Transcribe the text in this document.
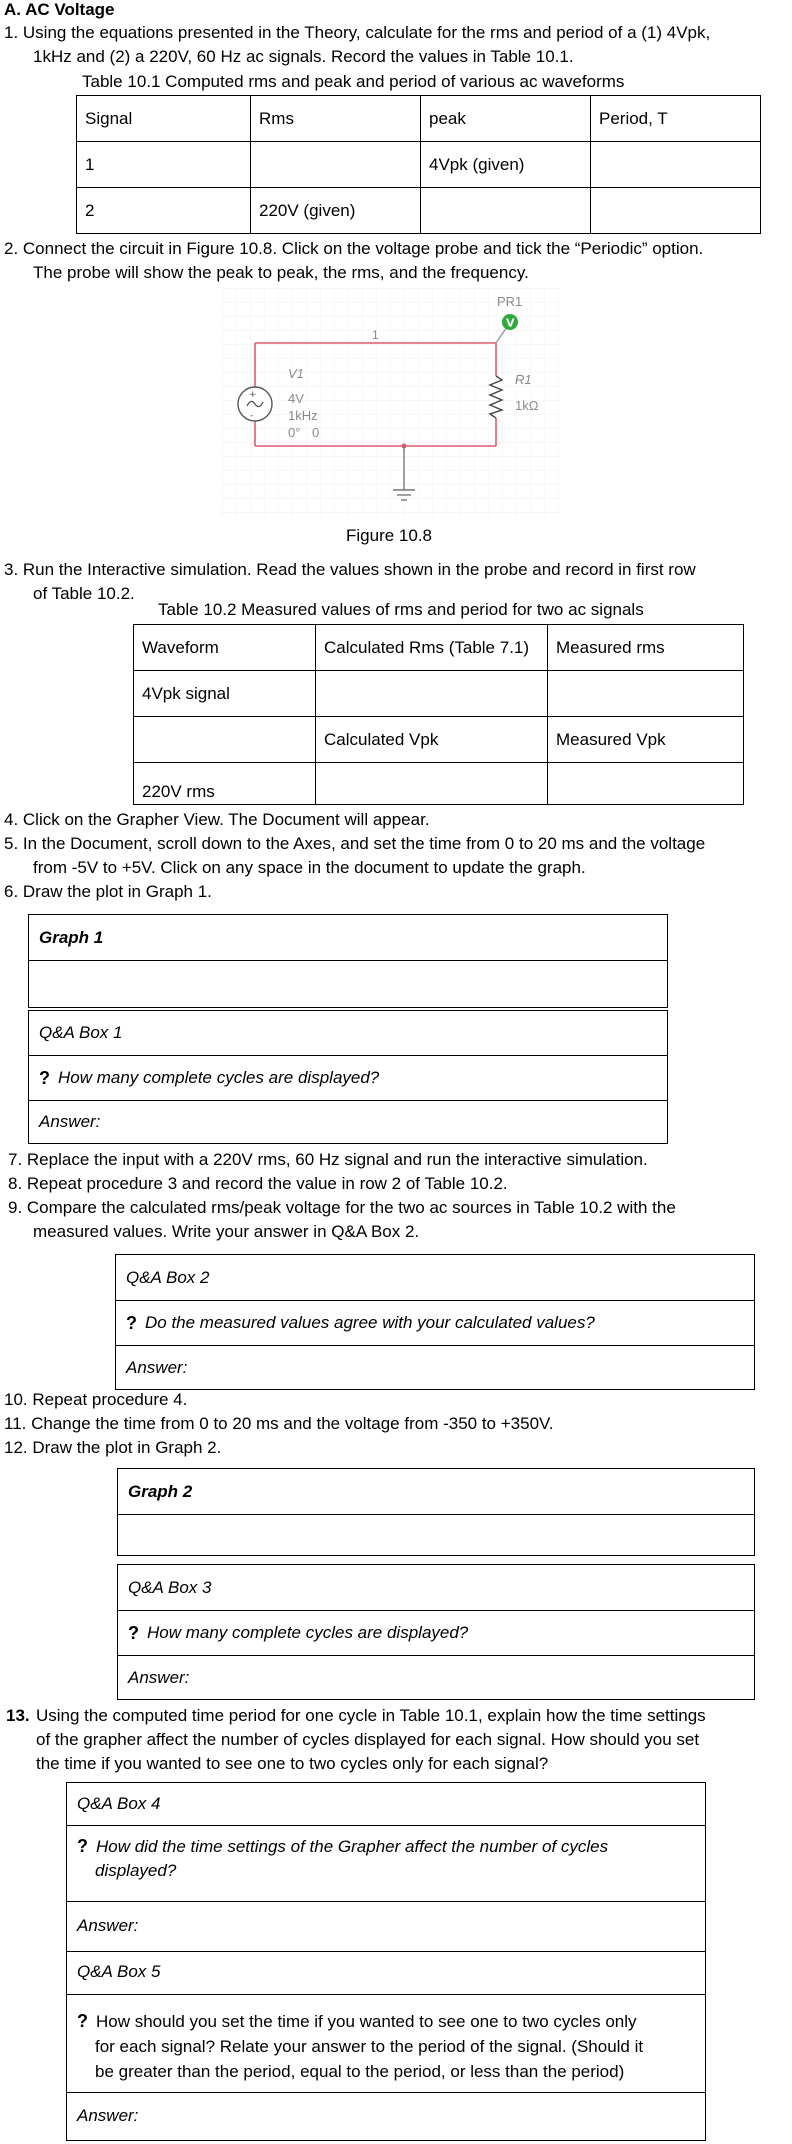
A. AC Voltage
1. Using the equations presented in the Theory, calculate for the rms and period of a (1) 4Vpk,
1kHz and (2) a 220V, 60 Hz ac signals. Record the values in Table 10.1.
Table 10.1 Computed rms and peak and period of various ac waveforms
Signal	Rms	peak	Period, T
1		4Vpk (given)	
2	220V (given)		
2. Connect the circuit in Figure 10.8. Click on the voltage probe and tick the “Periodic” option.
The probe will show the peak to peak, the rms, and the frequency.
+
-
V
PR1
1
V1
4V
1kHz
0° 0
R1
1kΩ
Figure 10.8
3. Run the Interactive simulation. Read the values shown in the probe and record in first row
of Table 10.2.
Table 10.2 Measured values of rms and period for two ac signals
Waveform	Calculated Rms (Table 7.1)	Measured rms
4Vpk signal		
	Calculated Vpk	Measured Vpk
220V rms		
4. Click on the Grapher View. The Document will appear.
5. In the Document, scroll down to the Axes, and set the time from 0 to 20 ms and the voltage
from -5V to +5V. Click on any space in the document to update the graph.
6. Draw the plot in Graph 1.
Graph 1
Q&A Box 1
? How many complete cycles are displayed?
Answer:
7. Replace the input with a 220V rms, 60 Hz signal and run the interactive simulation.
8. Repeat procedure 3 and record the value in row 2 of Table 10.2.
9. Compare the calculated rms/peak voltage for the two ac sources in Table 10.2 with the
measured values. Write your answer in Q&A Box 2.
Q&A Box 2
? Do the measured values agree with your calculated values?
Answer:
10. Repeat procedure 4.
11. Change the time from 0 to 20 ms and the voltage from -350 to +350V.
12. Draw the plot in Graph 2.
Graph 2
Q&A Box 3
? How many complete cycles are displayed?
Answer:
13. Using the computed time period for one cycle in Table 10.1, explain how the time settings
of the grapher affect the number of cycles displayed for each signal. How should you set
the time if you wanted to see one to two cycles only for each signal?
Q&A Box 4
? How did the time settings of the Grapher affect the number of cycles
displayed?
Answer:
Q&A Box 5
? How should you set the time if you wanted to see one to two cycles only
for each signal? Relate your answer to the period of the signal. (Should it
be greater than the period, equal to the period, or less than the period)
Answer:
